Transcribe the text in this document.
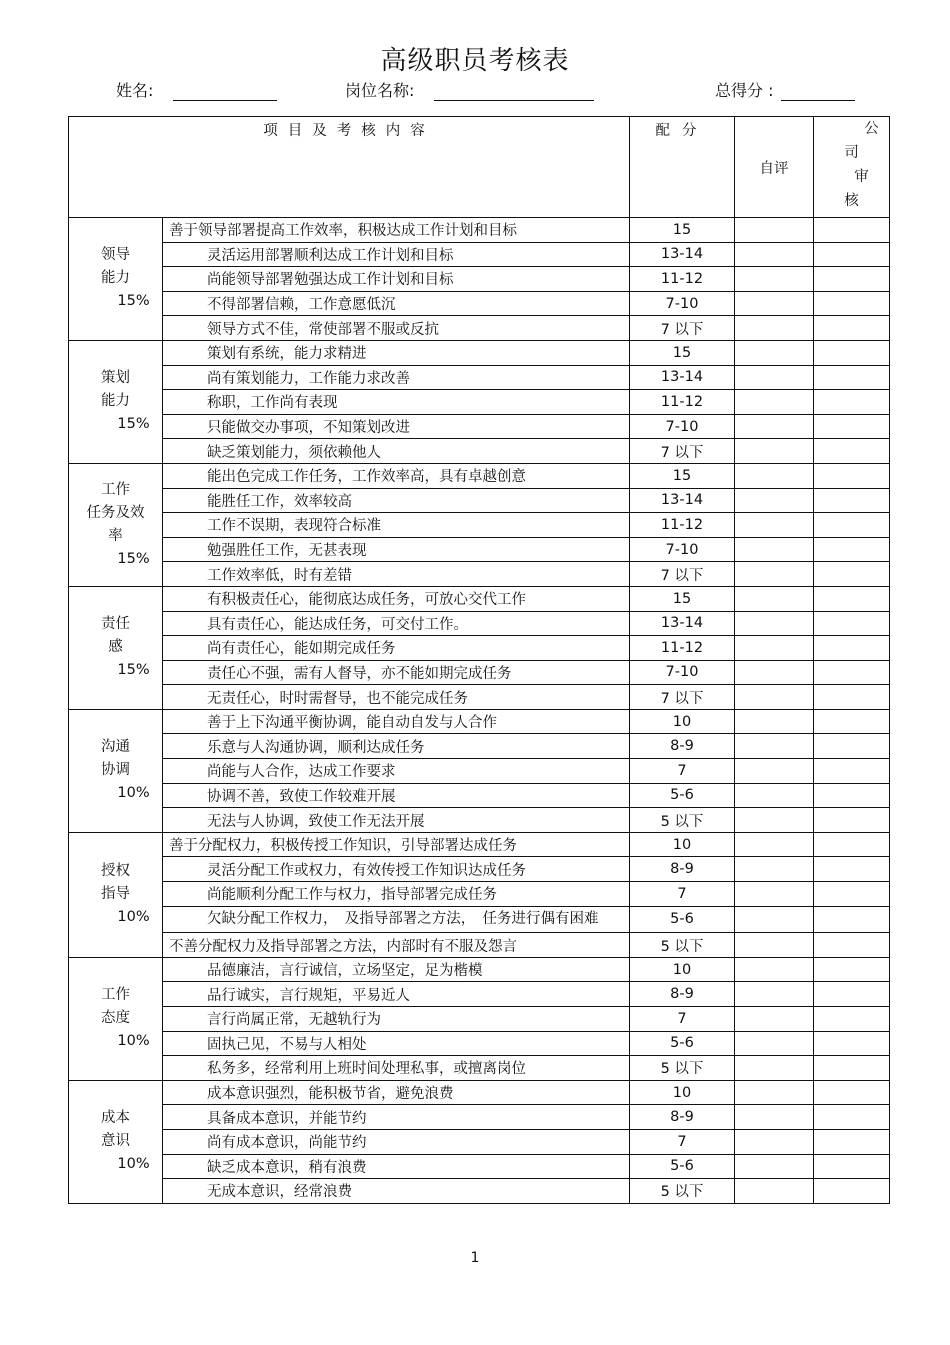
高级职员考核表
姓名:	岗位名称:	总得分 :
项目及考核内容		配分	自评	公
司
审
核

领导
能力
15%	善于领导部署提高工作效率，积极达成工作计划和目标	15		
	灵活运用部署顺利达成工作计划和目标	13-14		
	尚能领导部署勉强达成工作计划和目标	11-12		
	不得部署信赖，工作意愿低沉	7-10		
	领导方式不佳，常使部署不服或反抗	7 以下		

策划
能力
15%	策划有系统，能力求精进	15		
	尚有策划能力，工作能力求改善	13-14		
	称职，工作尚有表现	11-12		
	只能做交办事项，不知策划改进	7-10		
	缺乏策划能力，须依赖他人	7 以下		

工作
任务及效
率
15%	能出色完成工作任务，工作效率高，具有卓越创意	15		
	能胜任工作，效率较高	13-14		
	工作不误期，表现符合标准	11-12		
	勉强胜任工作，无甚表现	7-10		
	工作效率低，时有差错	7 以下		

责任
感
15%	有积极责任心，能彻底达成任务，可放心交代工作	15		
	具有责任心，能达成任务，可交付工作。	13-14		
	尚有责任心，能如期完成任务	11-12		
	责任心不强，需有人督导，亦不能如期完成任务	7-10		
	无责任心，时时需督导，也不能完成任务	7 以下		

沟通
协调
10%	善于上下沟通平衡协调，能自动自发与人合作	10		
	乐意与人沟通协调，顺利达成任务	8-9		
	尚能与人合作，达成工作要求	7		
	协调不善，致使工作较难开展	5-6		
	无法与人协调，致使工作无法开展	5 以下		

授权
指导
10%	善于分配权力，积极传授工作知识，引导部署达成任务	10		
	灵活分配工作或权力，有效传授工作知识达成任务	8-9		
	尚能顺利分配工作与权力，指导部署完成任务	7		
	欠缺分配工作权力，　及指导部署之方法，　任务进行偶有困难	5-6		
	不善分配权力及指导部署之方法，内部时有不服及怨言	5 以下		

工作
态度
10%	品德廉洁，言行诚信，立场坚定，足为楷模	10		
	品行诚实，言行规矩，平易近人	8-9		
	言行尚属正常，无越轨行为	7		
	固执己见，不易与人相处	5-6		
	私务多，经常利用上班时间处理私事，或擅离岗位	5 以下		

成本
意识
10%	成本意识强烈，能积极节省，避免浪费	10		
	具备成本意识，并能节约	8-9		
	尚有成本意识，尚能节约	7		
	缺乏成本意识，稍有浪费	5-6		
	无成本意识，经常浪费	5 以下		
1
